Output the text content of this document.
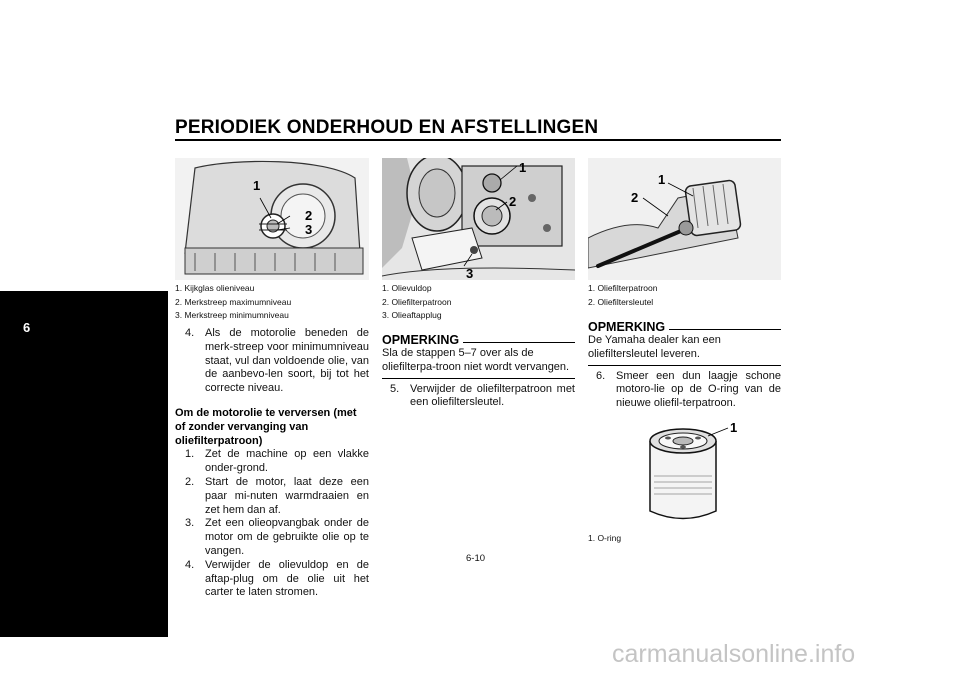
PERIODIEK ONDERHOUD EN AFSTELLINGEN
6
1
2
3
1. Kijkglas olieniveau
2. Merkstreep maximumniveau
3. Merkstreep minimumniveau
4. Als de motorolie beneden de merk-streep voor minimumniveau staat, vul dan voldoende olie, van de aanbevo-len soort, bij tot het correcte niveau.
Om de motorolie te verversen (met of zonder vervanging van oliefilterpatroon)
1. Zet de machine op een vlakke onder-grond.
2. Start de motor, laat deze een paar mi-nuten warmdraaien en zet hem dan af.
3. Zet een olieopvangbak onder de motor om de gebruikte olie op te vangen.
4. Verwijder de olievuldop en de aftap-plug om de olie uit het carter te laten stromen.
1
2
3
1. Olievuldop
2. Oliefilterpatroon
3. Olieaftapplug
OPMERKING
Sla de stappen 5–7 over als de oliefilterpa-troon niet wordt vervangen.
5. Verwijder de oliefilterpatroon met een oliefiltersleutel.
1
2
1. Oliefilterpatroon
2. Oliefiltersleutel
OPMERKING
De Yamaha dealer kan een oliefiltersleutel leveren.
6. Smeer een dun laagje schone motoro-lie op de O-ring van de nieuwe oliefil-terpatroon.
1
1. O-ring
6-10
carmanualsonline.info
